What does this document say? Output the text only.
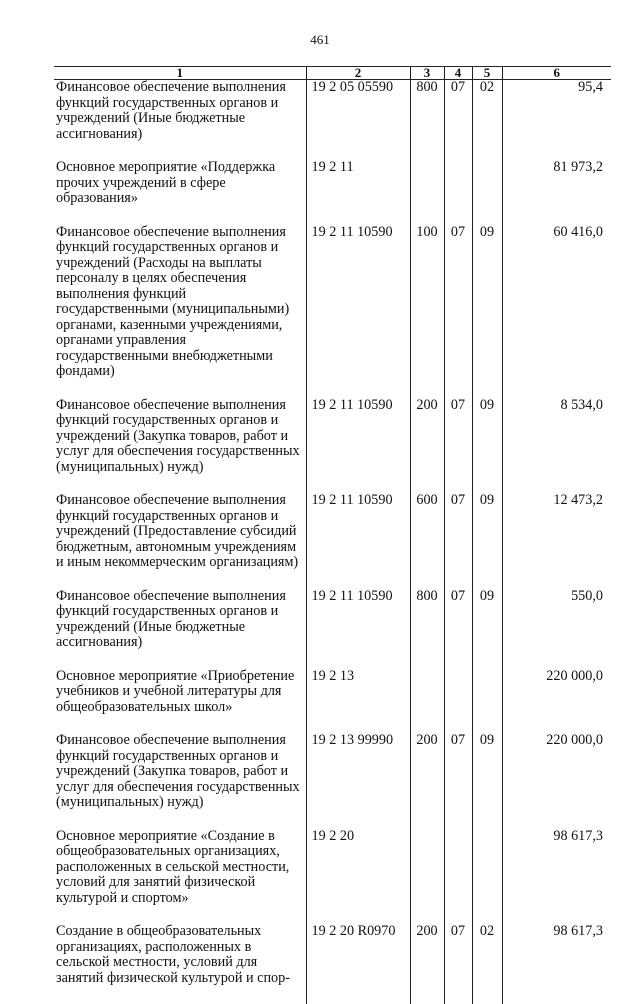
461
1	2	3	4	5	6
Финансовое обеспечение выполнения функций государственных органов и учреждений (Иные бюджетные ассигнования)	19 2 05 05590	800	07	02	95,4
Основное мероприятие «Поддержка прочих учреждений в сфере образования»	19 2 11				81 973,2
Финансовое обеспечение выполнения функций государственных органов и учреждений (Расходы на выплаты персоналу в целях обеспечения выполнения функций государственными (муниципальными) органами, казенными учреждениями, органами управления государственными внебюджетными фондами)	19 2 11 10590	100	07	09	60 416,0
Финансовое обеспечение выполнения функций государственных органов и учреждений (Закупка товаров, работ и услуг для обеспечения государственных (муниципальных) нужд)	19 2 11 10590	200	07	09	8 534,0
Финансовое обеспечение выполнения функций государственных органов и учреждений (Предоставление субсидий бюджетным, автономным учреждениям и иным некоммерческим организациям)	19 2 11 10590	600	07	09	12 473,2
Финансовое обеспечение выполнения функций государственных органов и учреждений (Иные бюджетные ассигнования)	19 2 11 10590	800	07	09	550,0
Основное мероприятие «Приобретение учебников и учебной литературы для общеобразовательных школ»	19 2 13				220 000,0
Финансовое обеспечение выполнения функций государственных органов и учреждений (Закупка товаров, работ и услуг для обеспечения государственных (муниципальных) нужд)	19 2 13 99990	200	07	09	220 000,0
Основное мероприятие «Создание в общеобразовательных организациях, расположенных в сельской местности, условий для занятий физической культурой и спортом»	19 2 20				98 617,3
Создание в общеобразовательных организациях, расположенных в сельской местности, условий для занятий физической культурой и спор-	19 2 20 R0970	200	07	02	98 617,3
